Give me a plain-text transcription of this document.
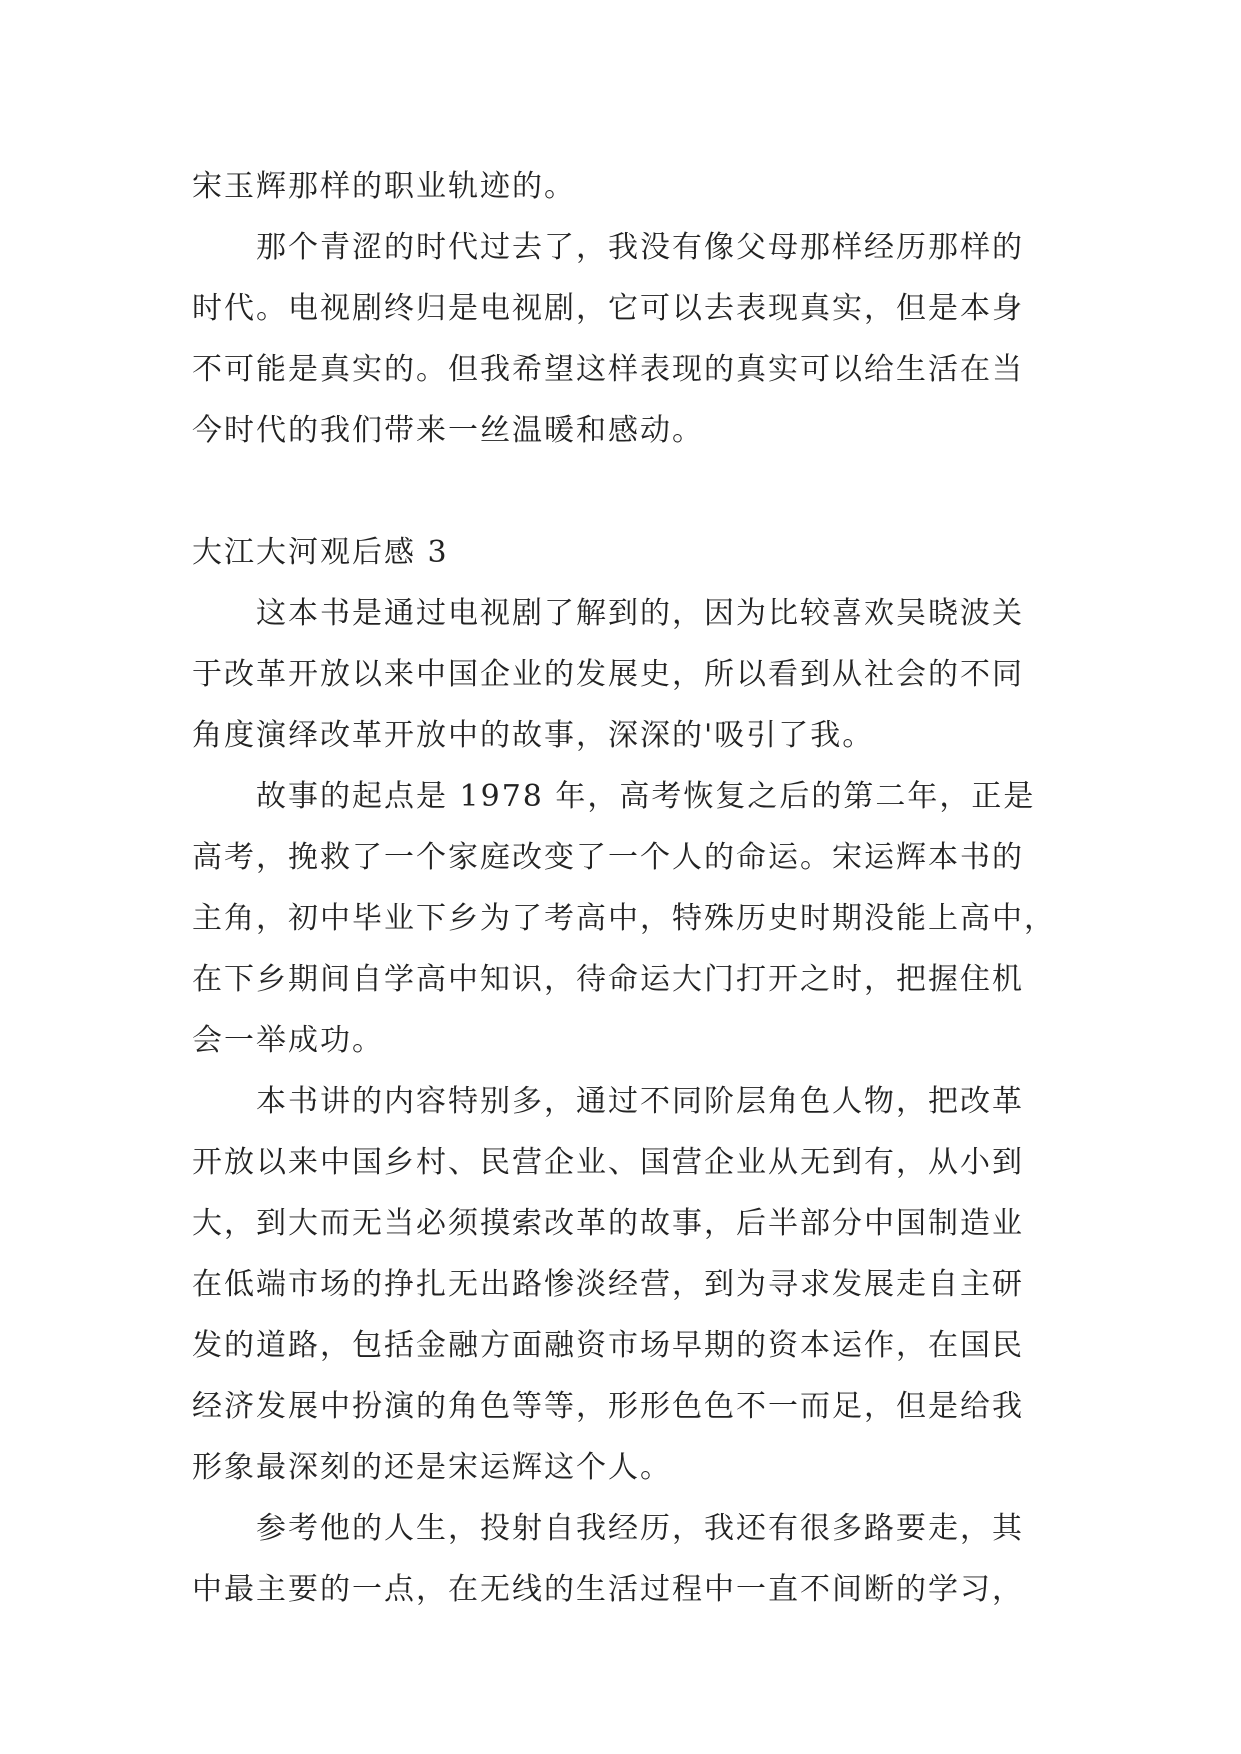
宋玉辉那样的职业轨迹的。
那个青涩的时代过去了，我没有像父母那样经历那样的
时代。电视剧终归是电视剧，它可以去表现真实，但是本身
不可能是真实的。但我希望这样表现的真实可以给生活在当
今时代的我们带来一丝温暖和感动。
大江大河观后感 3
这本书是通过电视剧了解到的，因为比较喜欢吴晓波关
于改革开放以来中国企业的发展史，所以看到从社会的不同
角度演绎改革开放中的故事，深深的'吸引了我。
故事的起点是 1978 年，高考恢复之后的第二年，正是
高考，挽救了一个家庭改变了一个人的命运。宋运辉本书的
主角，初中毕业下乡为了考高中，特殊历史时期没能上高中，
在下乡期间自学高中知识，待命运大门打开之时，把握住机
会一举成功。
本书讲的内容特别多，通过不同阶层角色人物，把改革
开放以来中国乡村、民营企业、国营企业从无到有，从小到
大，到大而无当必须摸索改革的故事，后半部分中国制造业
在低端市场的挣扎无出路惨淡经营，到为寻求发展走自主研
发的道路，包括金融方面融资市场早期的资本运作，在国民
经济发展中扮演的角色等等，形形色色不一而足，但是给我
形象最深刻的还是宋运辉这个人。
参考他的人生，投射自我经历，我还有很多路要走，其
中最主要的一点，在无线的生活过程中一直不间断的学习，
